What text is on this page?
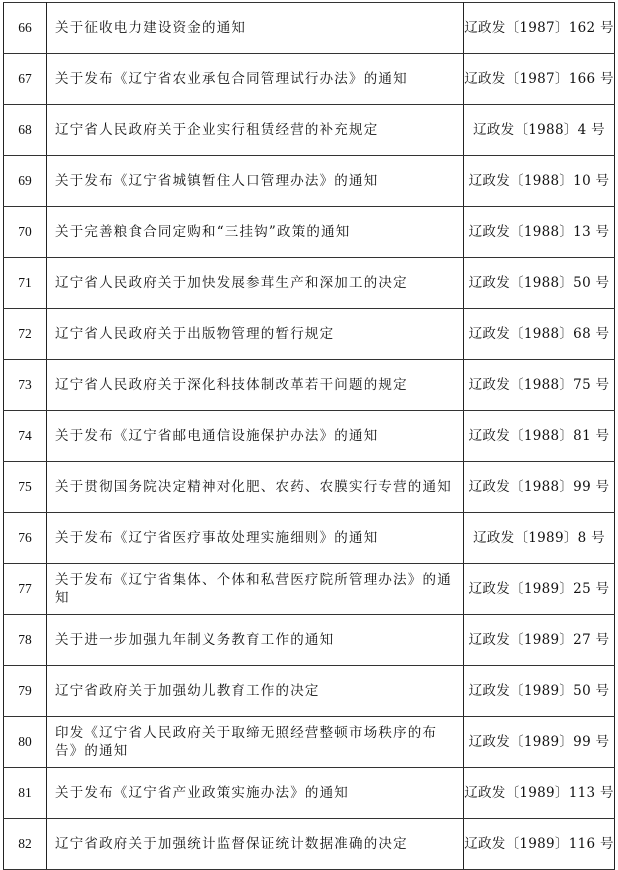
66	关于征收电力建设资金的通知	辽政发〔1987〕162 号
67	关于发布《辽宁省农业承包合同管理试行办法》的通知	辽政发〔1987〕166 号
68	辽宁省人民政府关于企业实行租赁经营的补充规定	辽政发〔1988〕4 号
69	关于发布《辽宁省城镇暂住人口管理办法》的通知	辽政发〔1988〕10 号
70	关于完善粮食合同定购和“三挂钩”政策的通知	辽政发〔1988〕13 号
71	辽宁省人民政府关于加快发展参茸生产和深加工的决定	辽政发〔1988〕50 号
72	辽宁省人民政府关于出版物管理的暂行规定	辽政发〔1988〕68 号
73	辽宁省人民政府关于深化科技体制改革若干问题的规定	辽政发〔1988〕75 号
74	关于发布《辽宁省邮电通信设施保护办法》的通知	辽政发〔1988〕81 号
75	关于贯彻国务院决定精神对化肥、农药、农膜实行专营的通知	辽政发〔1988〕99 号
76	关于发布《辽宁省医疗事故处理实施细则》的通知	辽政发〔1989〕8 号
77	关于发布《辽宁省集体、个体和私营医疗院所管理办法》的通知	辽政发〔1989〕25 号
78	关于进一步加强九年制义务教育工作的通知	辽政发〔1989〕27 号
79	辽宁省政府关于加强幼儿教育工作的决定	辽政发〔1989〕50 号
80	印发《辽宁省人民政府关于取缔无照经营整顿市场秩序的布告》的通知	辽政发〔1989〕99 号
81	关于发布《辽宁省产业政策实施办法》的通知	辽政发〔1989〕113 号
82	辽宁省政府关于加强统计监督保证统计数据准确的决定	辽政发〔1989〕116 号
